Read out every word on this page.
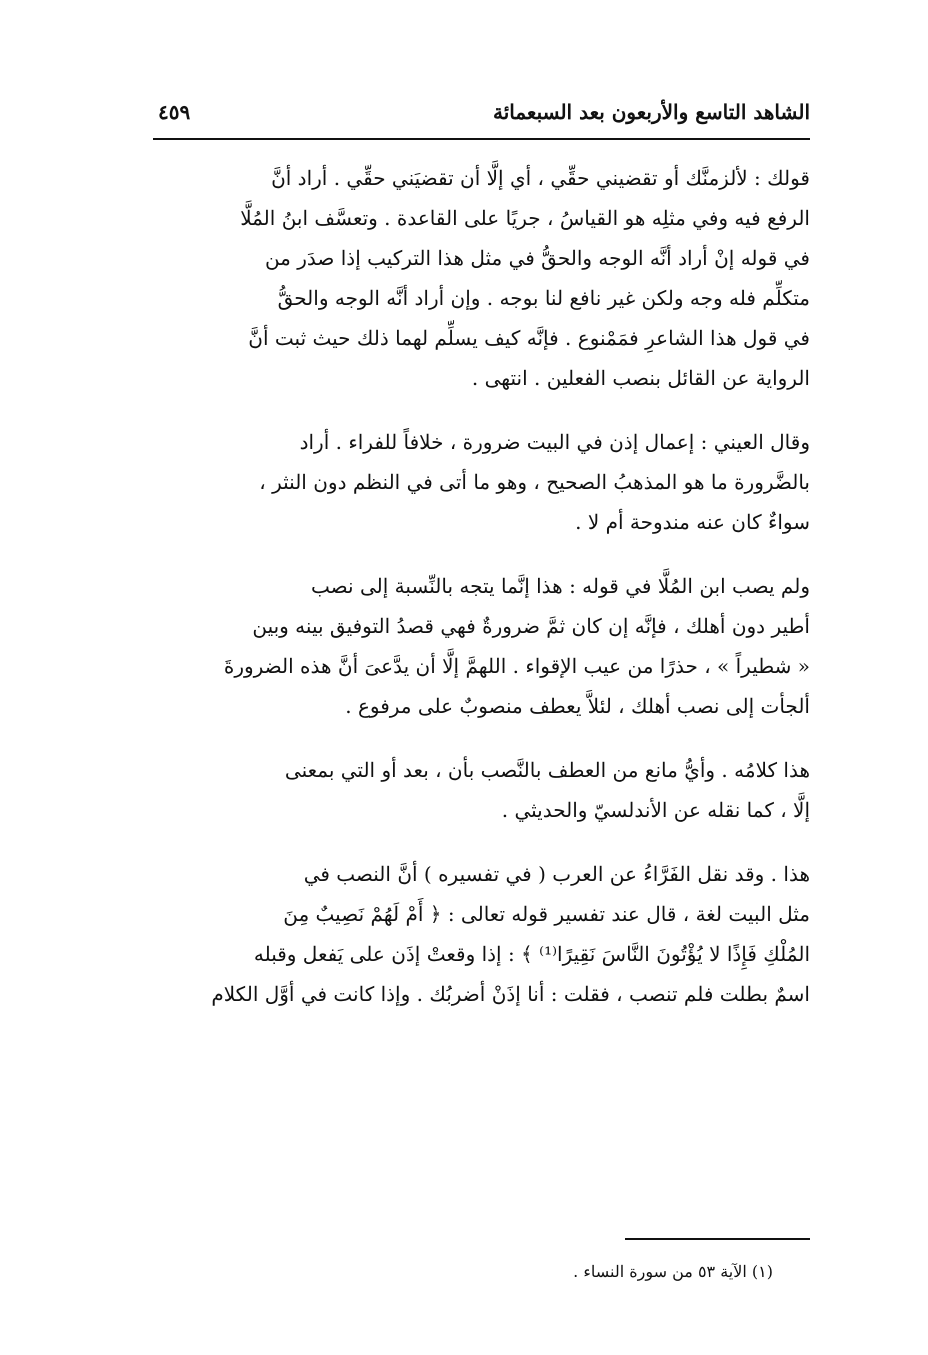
الشاهد التاسع والأربعون بعد السبعمائة
٤٥٩

قولك : لألزمنَّك أو تقضيني حقِّي ، أي إلَّا أن تقضيَني حقِّي . أراد أنَّ
الرفع فيه وفي مثلِه هو القياسُ ، جريًا على القاعدة . وتعسَّف ابنُ المُلَّا
في قوله إنْ أراد أنَّه الوجه والحقُّ في مثل هذا التركيب إذا صدَر من
متكلِّم فله وجه ولكن غير نافع لنا بوجه . وإن أراد أنَّه الوجه والحقُّ
في قول هذا الشاعرِ فمَمْنوع . فإنَّه كيف يسلِّم لهما ذلك حيث ثبت أنَّ
الرواية عن القائل بنصب الفعلين . انتهى .

وقال العيني : إعمال إذن في البيت ضرورة ، خلافاً للفراء . أراد
بالضَّرورة ما هو المذهبُ الصحيح ، وهو ما أتى في النظم دون النثر ،
سواءٌ كان عنه مندوحة أم لا .

ولم يصب ابن المُلَّا في قوله : هذا إنَّما يتجه بالنِّسبة إلى نصب
أطير دون أهلك ، فإنَّه إن كان ثمَّ ضرورةٌ فهي قصدُ التوفيق بينه وبين
« شطيراً » ، حذرًا من عيب الإقواء . اللهمَّ إلَّا أن يدَّعىَ أنَّ هذه الضرورةَ
ألجأت إلى نصب أهلك ، لئلاَّ يعطف منصوبٌ على مرفوع .

هذا كلامُه . وأيُّ مانع من العطف بالنَّصب بأن ، بعد أو التي بمعنى
إلَّا ، كما نقله عن الأندلسيّ والحديثي .

هذا . وقد نقل الفَرَّاءُ عن العرب ( في تفسيره ) أنَّ النصب في
مثل البيت لغة ، قال عند تفسير قوله تعالى : ﴿ أَمْ لَهُمْ نَصِيبٌ مِنَ
المُلْكِ فَإِذًا لا يُؤْتُونَ النَّاسَ نَقِيرًا⁽¹⁾ ﴾ : إذا وقعتْ إذَن على يَفعل وقبله
اسمٌ بطلت فلم تنصب ، فقلت : أنا إذَنْ أضربُك . وإذا كانت في أوَّل الكلام

(١) الآية ٥٣ من سورة النساء .
